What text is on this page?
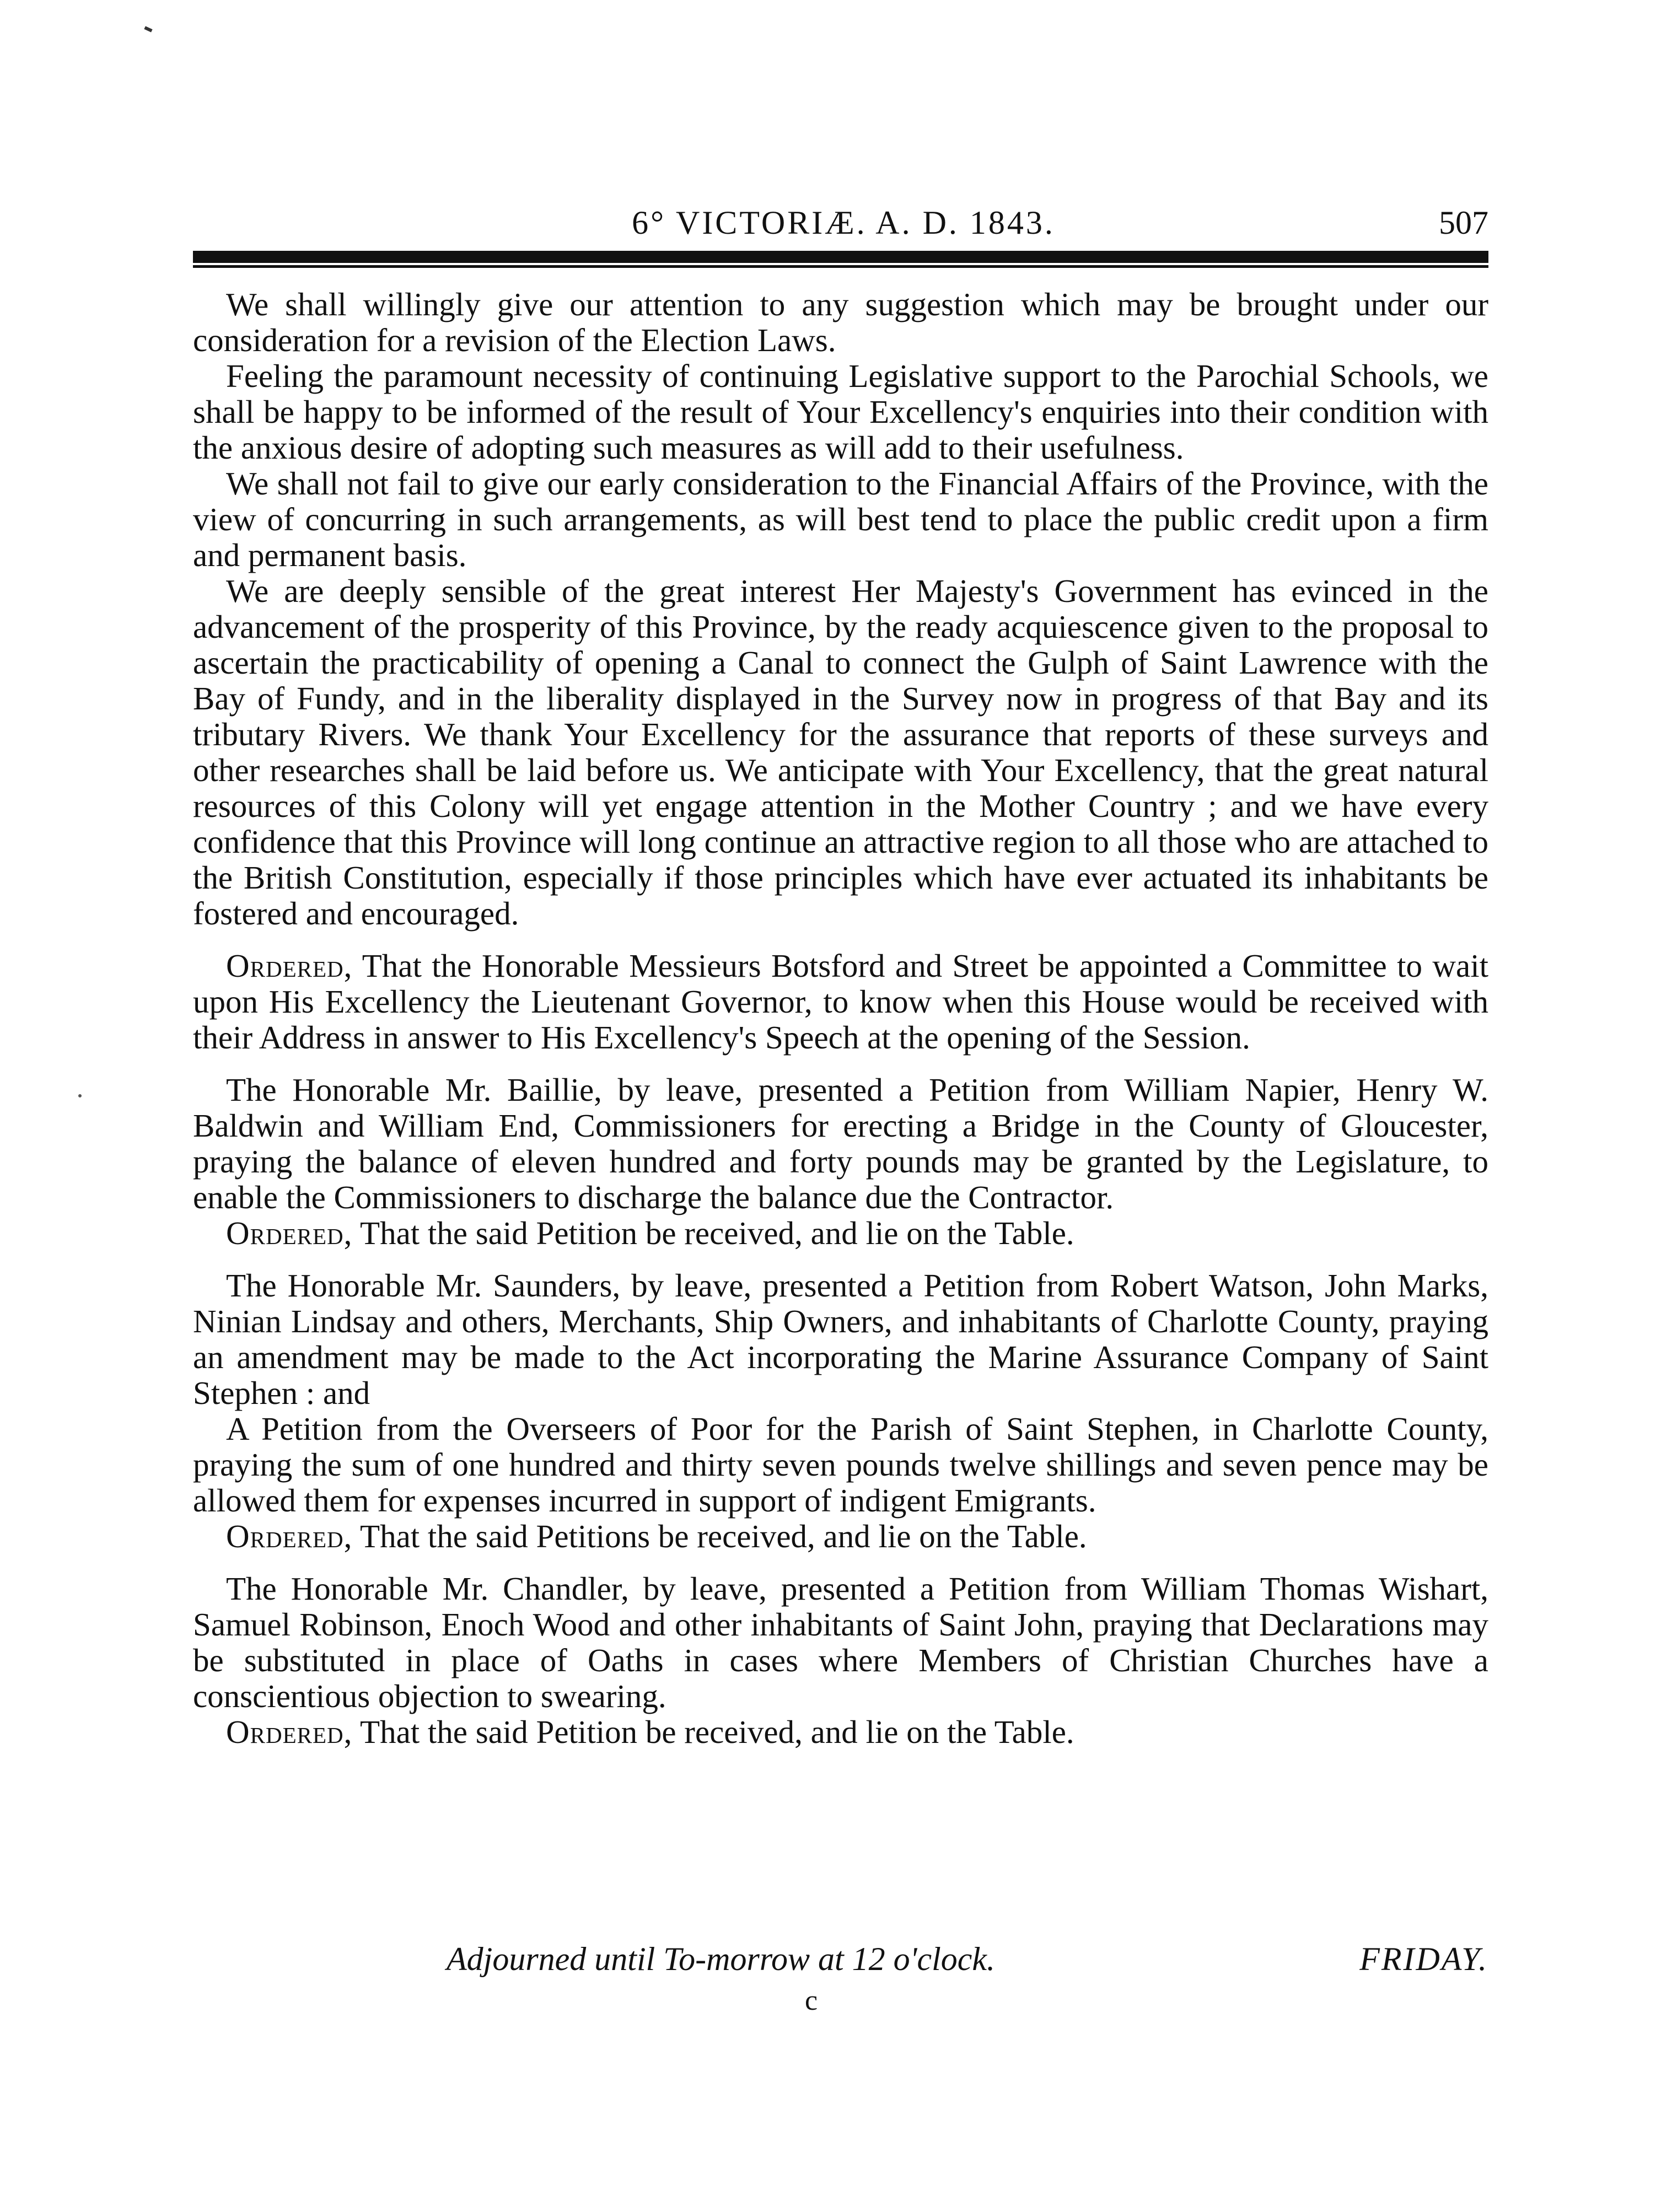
6° VICTORIÆ. A. D. 1843.	507

We shall willingly give our attention to any suggestion which may be brought under our consideration for a revision of the Election Laws.

Feeling the paramount necessity of continuing Legislative support to the Parochial Schools, we shall be happy to be informed of the result of Your Excellency's enquiries into their condition with the anxious desire of adopting such measures as will add to their usefulness.

We shall not fail to give our early consideration to the Financial Affairs of the Province, with the view of concurring in such arrangements, as will best tend to place the public credit upon a firm and permanent basis.

We are deeply sensible of the great interest Her Majesty's Government has evinced in the advancement of the prosperity of this Province, by the ready acquiescence given to the proposal to ascertain the practicability of opening a Canal to connect the Gulph of Saint Lawrence with the Bay of Fundy, and in the liberality displayed in the Survey now in progress of that Bay and its tributary Rivers. We thank Your Excellency for the assurance that reports of these surveys and other researches shall be laid before us. We anticipate with Your Excellency, that the great natural resources of this Colony will yet engage attention in the Mother Country ; and we have every confidence that this Province will long continue an attractive region to all those who are attached to the British Constitution, especially if those principles which have ever actuated its inhabitants be fostered and encouraged.

Ordered, That the Honorable Messieurs Botsford and Street be appointed a Committee to wait upon His Excellency the Lieutenant Governor, to know when this House would be received with their Address in answer to His Excellency's Speech at the opening of the Session.

The Honorable Mr. Baillie, by leave, presented a Petition from William Napier, Henry W. Baldwin and William End, Commissioners for erecting a Bridge in the County of Gloucester, praying the balance of eleven hundred and forty pounds may be granted by the Legislature, to enable the Commissioners to discharge the balance due the Contractor.

Ordered, That the said Petition be received, and lie on the Table.

The Honorable Mr. Saunders, by leave, presented a Petition from Robert Watson, John Marks, Ninian Lindsay and others, Merchants, Ship Owners, and inhabitants of Charlotte County, praying an amendment may be made to the Act incorporating the Marine Assurance Company of Saint Stephen : and

A Petition from the Overseers of Poor for the Parish of Saint Stephen, in Charlotte County, praying the sum of one hundred and thirty seven pounds twelve shillings and seven pence may be allowed them for expenses incurred in support of indigent Emigrants.

Ordered, That the said Petitions be received, and lie on the Table.

The Honorable Mr. Chandler, by leave, presented a Petition from William Thomas Wishart, Samuel Robinson, Enoch Wood and other inhabitants of Saint John, praying that Declarations may be substituted in place of Oaths in cases where Members of Christian Churches have a conscientious objection to swearing.

Ordered, That the said Petition be received, and lie on the Table.

Adjourned until To-morrow at 12 o'clock.	FRIDAY.
c
